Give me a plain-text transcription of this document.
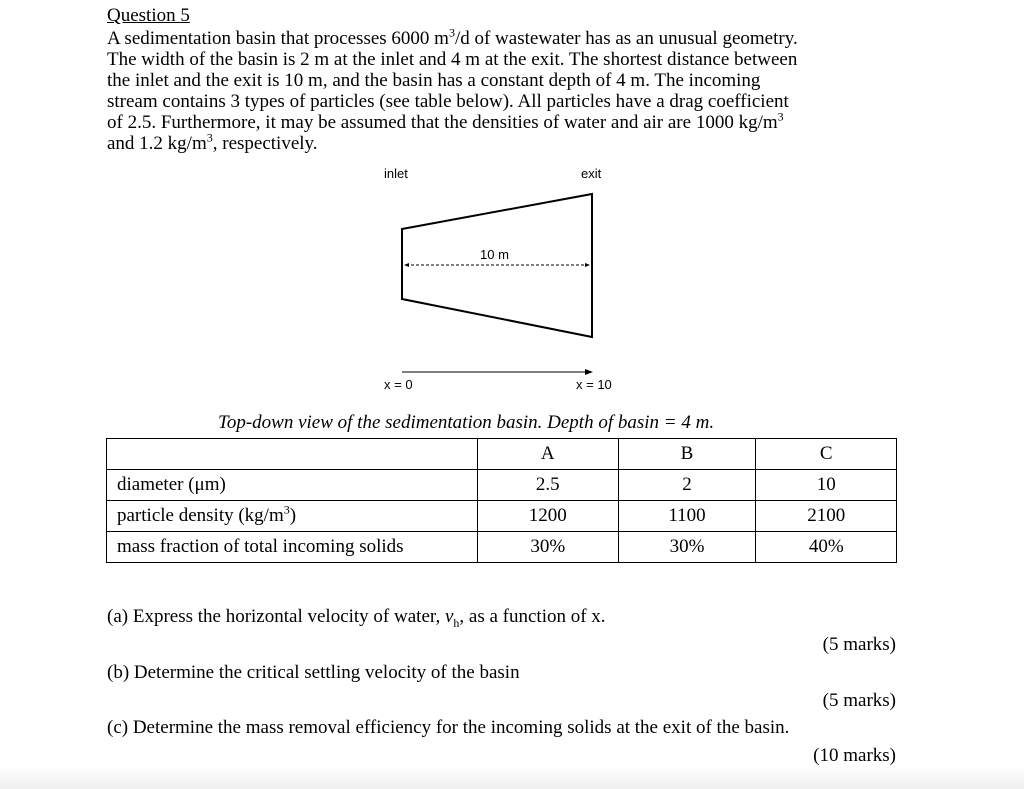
Question 5
A sedimentation basin that processes 6000 $m^3/d$ of wastewater has as an unusual geometry.
The width of the basin is 2 m at the inlet and 4 m at the exit. The shortest distance between
the inlet and the exit is 10 m, and the basin has a constant depth of 4 m. The incoming
stream contains 3 types of particles (see table below). All particles have a drag coefficient
of 2.5. Furthermore, it may be assumed that the densities of water and air are 1000 $kg/m^3$
and 1.2 $kg/m^3$, respectively.
inlet	exit
10 m
x = 0	x = 10
Top-down view of the sedimentation basin. Depth of basin = 4 m.
	A	B	C
diameter (μm)	2.5	2	10
particle density $(kg/m^3)$	1200	1100	2100
mass fraction of total incoming solids	30%	30%	40%
(a) Express the horizontal velocity of water, $v_h$, as a function of x.
(5 marks)
(b) Determine the critical settling velocity of the basin
(5 marks)
(c) Determine the mass removal efficiency for the incoming solids at the exit of the basin.
(10 marks)
